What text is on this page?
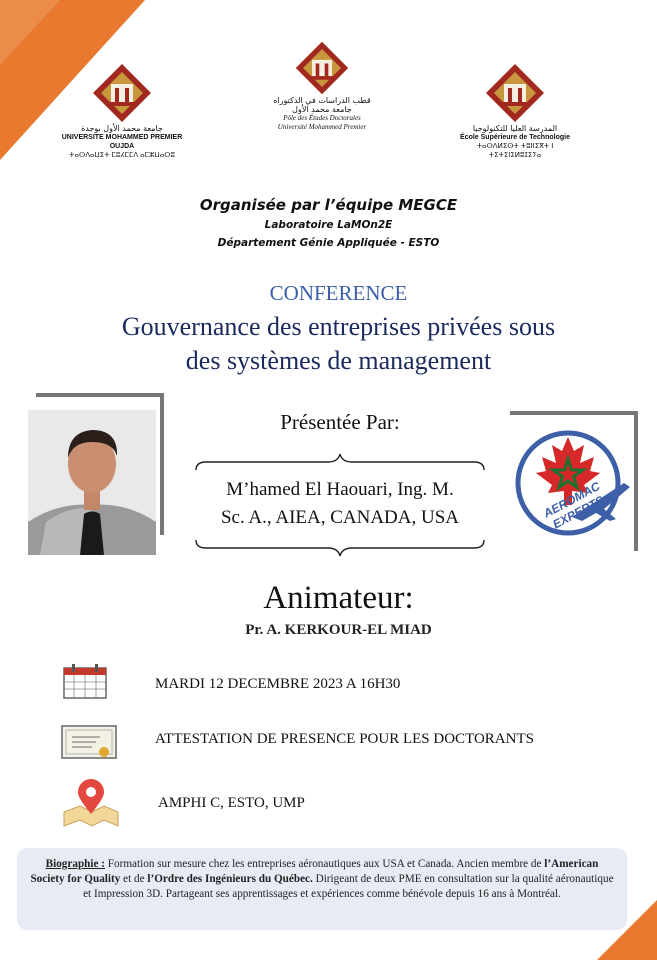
جامعة محمد الأول بوجدة
UNIVERSITE MOHAMMED PREMIER OUJDA
ⵜⴰⵙⴷⴰⵡⵉⵜ ⵎⵓⵃⵎⵎⴷ ⴰⵎⵣⵡⴰⵔⵓ
قطب الدراسات في الدكتوراه
جامعة محمد الأول
Pôle des Études Doctorales
Université Mohammed Premier	المدرسة العليا للتكنولوجيا
École Supérieure de Technologie
ⵜⴰⵙⴷⵍⵉⵙⵜ ⵜⵓⵏⵏⵉⴳⵜ ⵏ ⵜⵉⵜⵉⵏⵉⵍⵓⵊⵉⵢⴰ
Organisée par l’équipe MEGCE
Laboratoire LaMOn2E
Département Génie Appliquée - ESTO
CONFERENCE
Gouvernance des entreprises privées sous
des systèmes de management
Présentée Par:
M’hamed El Haouari, Ing. M.
Sc. A., AIEA, CANADA, USA	AEROMAC EXPERTS
Animateur:
Pr. A. KERKOUR-EL MIAD
MARDI 12 DECEMBRE 2023 A 16H30
ATTESTATION DE PRESENCE POUR LES DOCTORANTS
AMPHI C, ESTO, UMP
Biographie : Formation sur mesure chez les entreprises aéronautiques aux USA et Canada. Ancien membre de l’American Society for Quality et de l’Ordre des Ingénieurs du Québec. Dirigeant de deux PME en consultation sur la qualité aéronautique et Impression 3D. Partageant ses apprentissages et expériences comme bénévole depuis 16 ans à Montréal.
